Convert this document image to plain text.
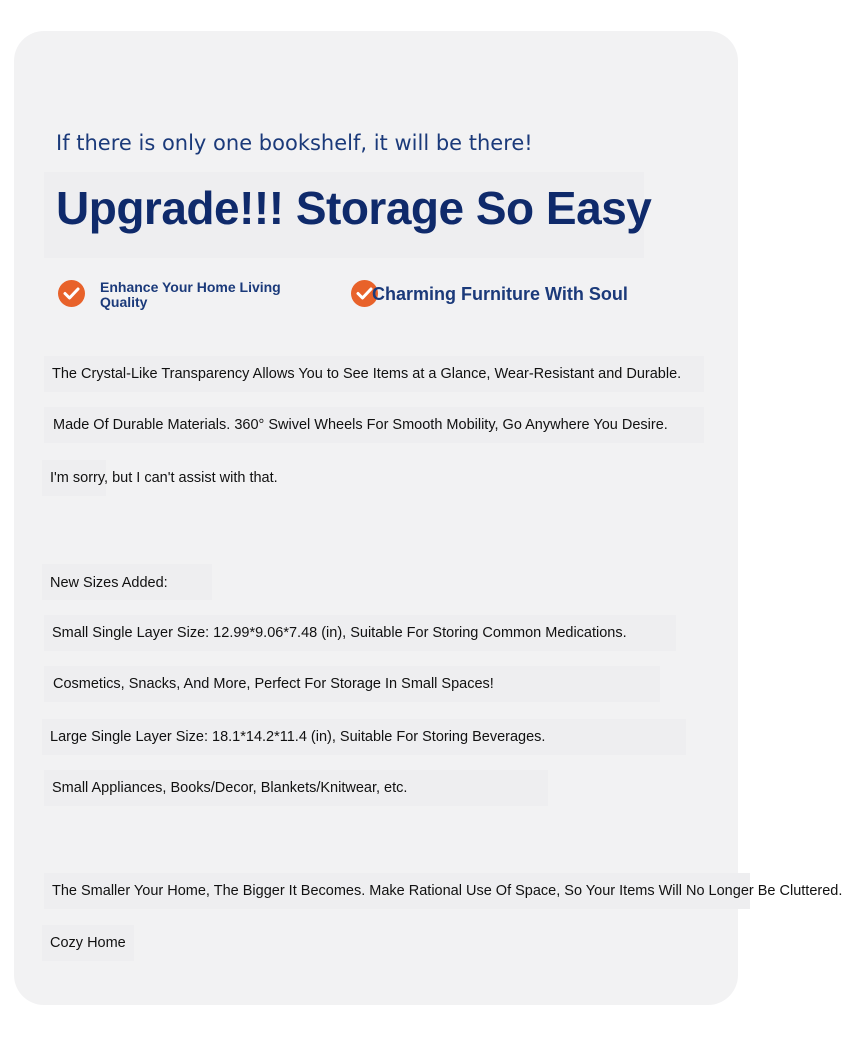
If there is only one bookshelf, it will be there!
Upgrade!!! Storage So Easy
Enhance Your Home Living Quality	Charming Furniture With Soul
The Crystal-Like Transparency Allows You to See Items at a Glance, Wear-Resistant and Durable.
Made Of Durable Materials. 360° Swivel Wheels For Smooth Mobility, Go Anywhere You Desire.
I'm sorry, but I can't assist with that.
New Sizes Added:
Small Single Layer Size: 12.99*9.06*7.48 (in), Suitable For Storing Common Medications.
Cosmetics, Snacks, And More, Perfect For Storage In Small Spaces!
Large Single Layer Size: 18.1*14.2*11.4 (in), Suitable For Storing Beverages.
Small Appliances, Books/Decor, Blankets/Knitwear, etc.
The Smaller Your Home, The Bigger It Becomes. Make Rational Use Of Space, So Your Items Will No Longer Be Cluttered.
Cozy Home
